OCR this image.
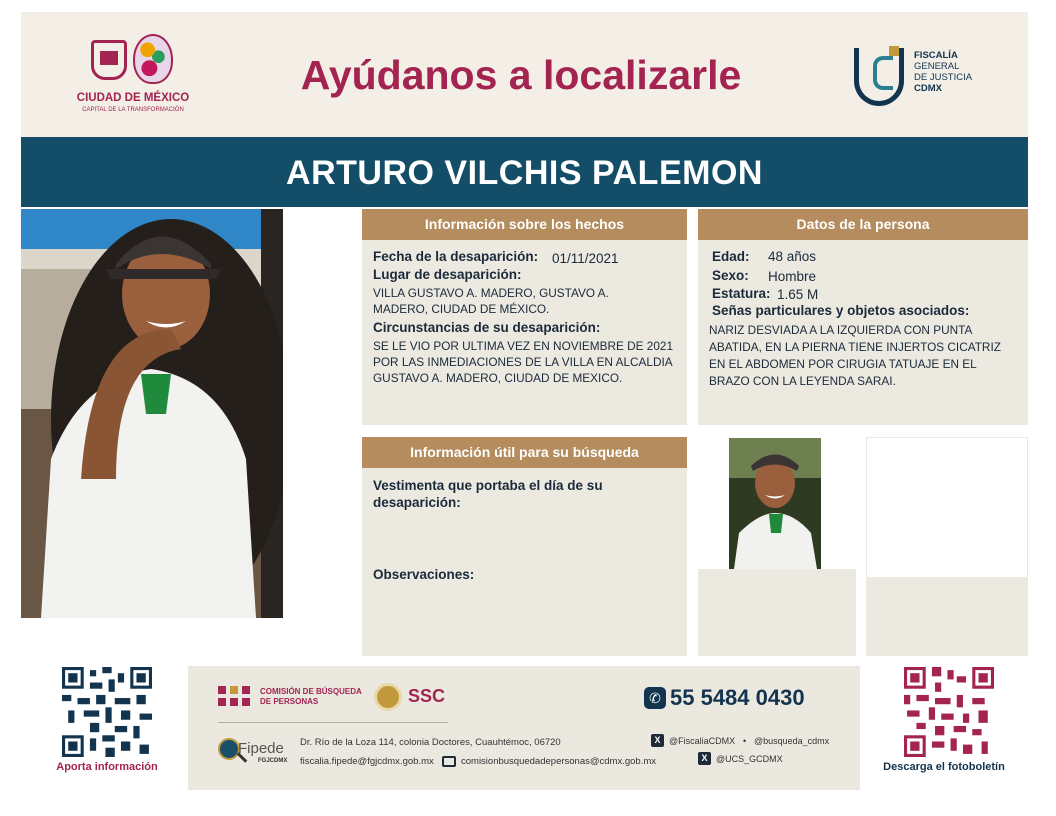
CIUDAD DE MÉXICO
CAPITAL DE LA TRANSFORMACIÓN
Ayúdanos a localizarle	FISCALÍA
GENERAL
DE JUSTICIA
CDMX
ARTURO VILCHIS PALEMON
Información sobre los hechos
Fecha de la desaparición: 01/11/2021
Lugar de desaparición:
VILLA GUSTAVO A. MADERO, GUSTAVO A.
MADERO, CIUDAD DE MÉXICO.
Circunstancias de su desaparición:
SE LE VIO POR ULTIMA VEZ EN NOVIEMBRE DE 2021
POR LAS INMEDIACIONES DE LA VILLA EN ALCALDIA
GUSTAVO A. MADERO, CIUDAD DE MEXICO.
Datos de la persona
Edad: 48 años
Sexo: Hombre
Estatura: 1.65 M
Señas particulares y objetos asociados:
NARIZ DESVIADA A LA IZQUIERDA CON PUNTA
ABATIDA, EN LA PIERNA TIENE INJERTOS CICATRIZ
EN EL ABDOMEN POR CIRUGIA TATUAJE EN EL
BRAZO CON LA LEYENDA SARAI.
Información útil para su búsqueda
Vestimenta que portaba el día de su
desaparición:
Observaciones:
Aporta información	Descarga el fotoboletín
COMISIÓN DE BÚSQUEDA
DE PERSONAS	SSC	✆ 55 5484 0430
Fipede
FGJCDMX
Dr. Río de la Loza 114, colonia Doctores, Cuauhtémoc, 06720
fiscalia.fipede@fgjcdmx.gob.mx	comisionbusquedadepersonas@cdmx.gob.mx
X @FiscaliaCDMX • @busqueda_cdmx
X @UCS_GCDMX
